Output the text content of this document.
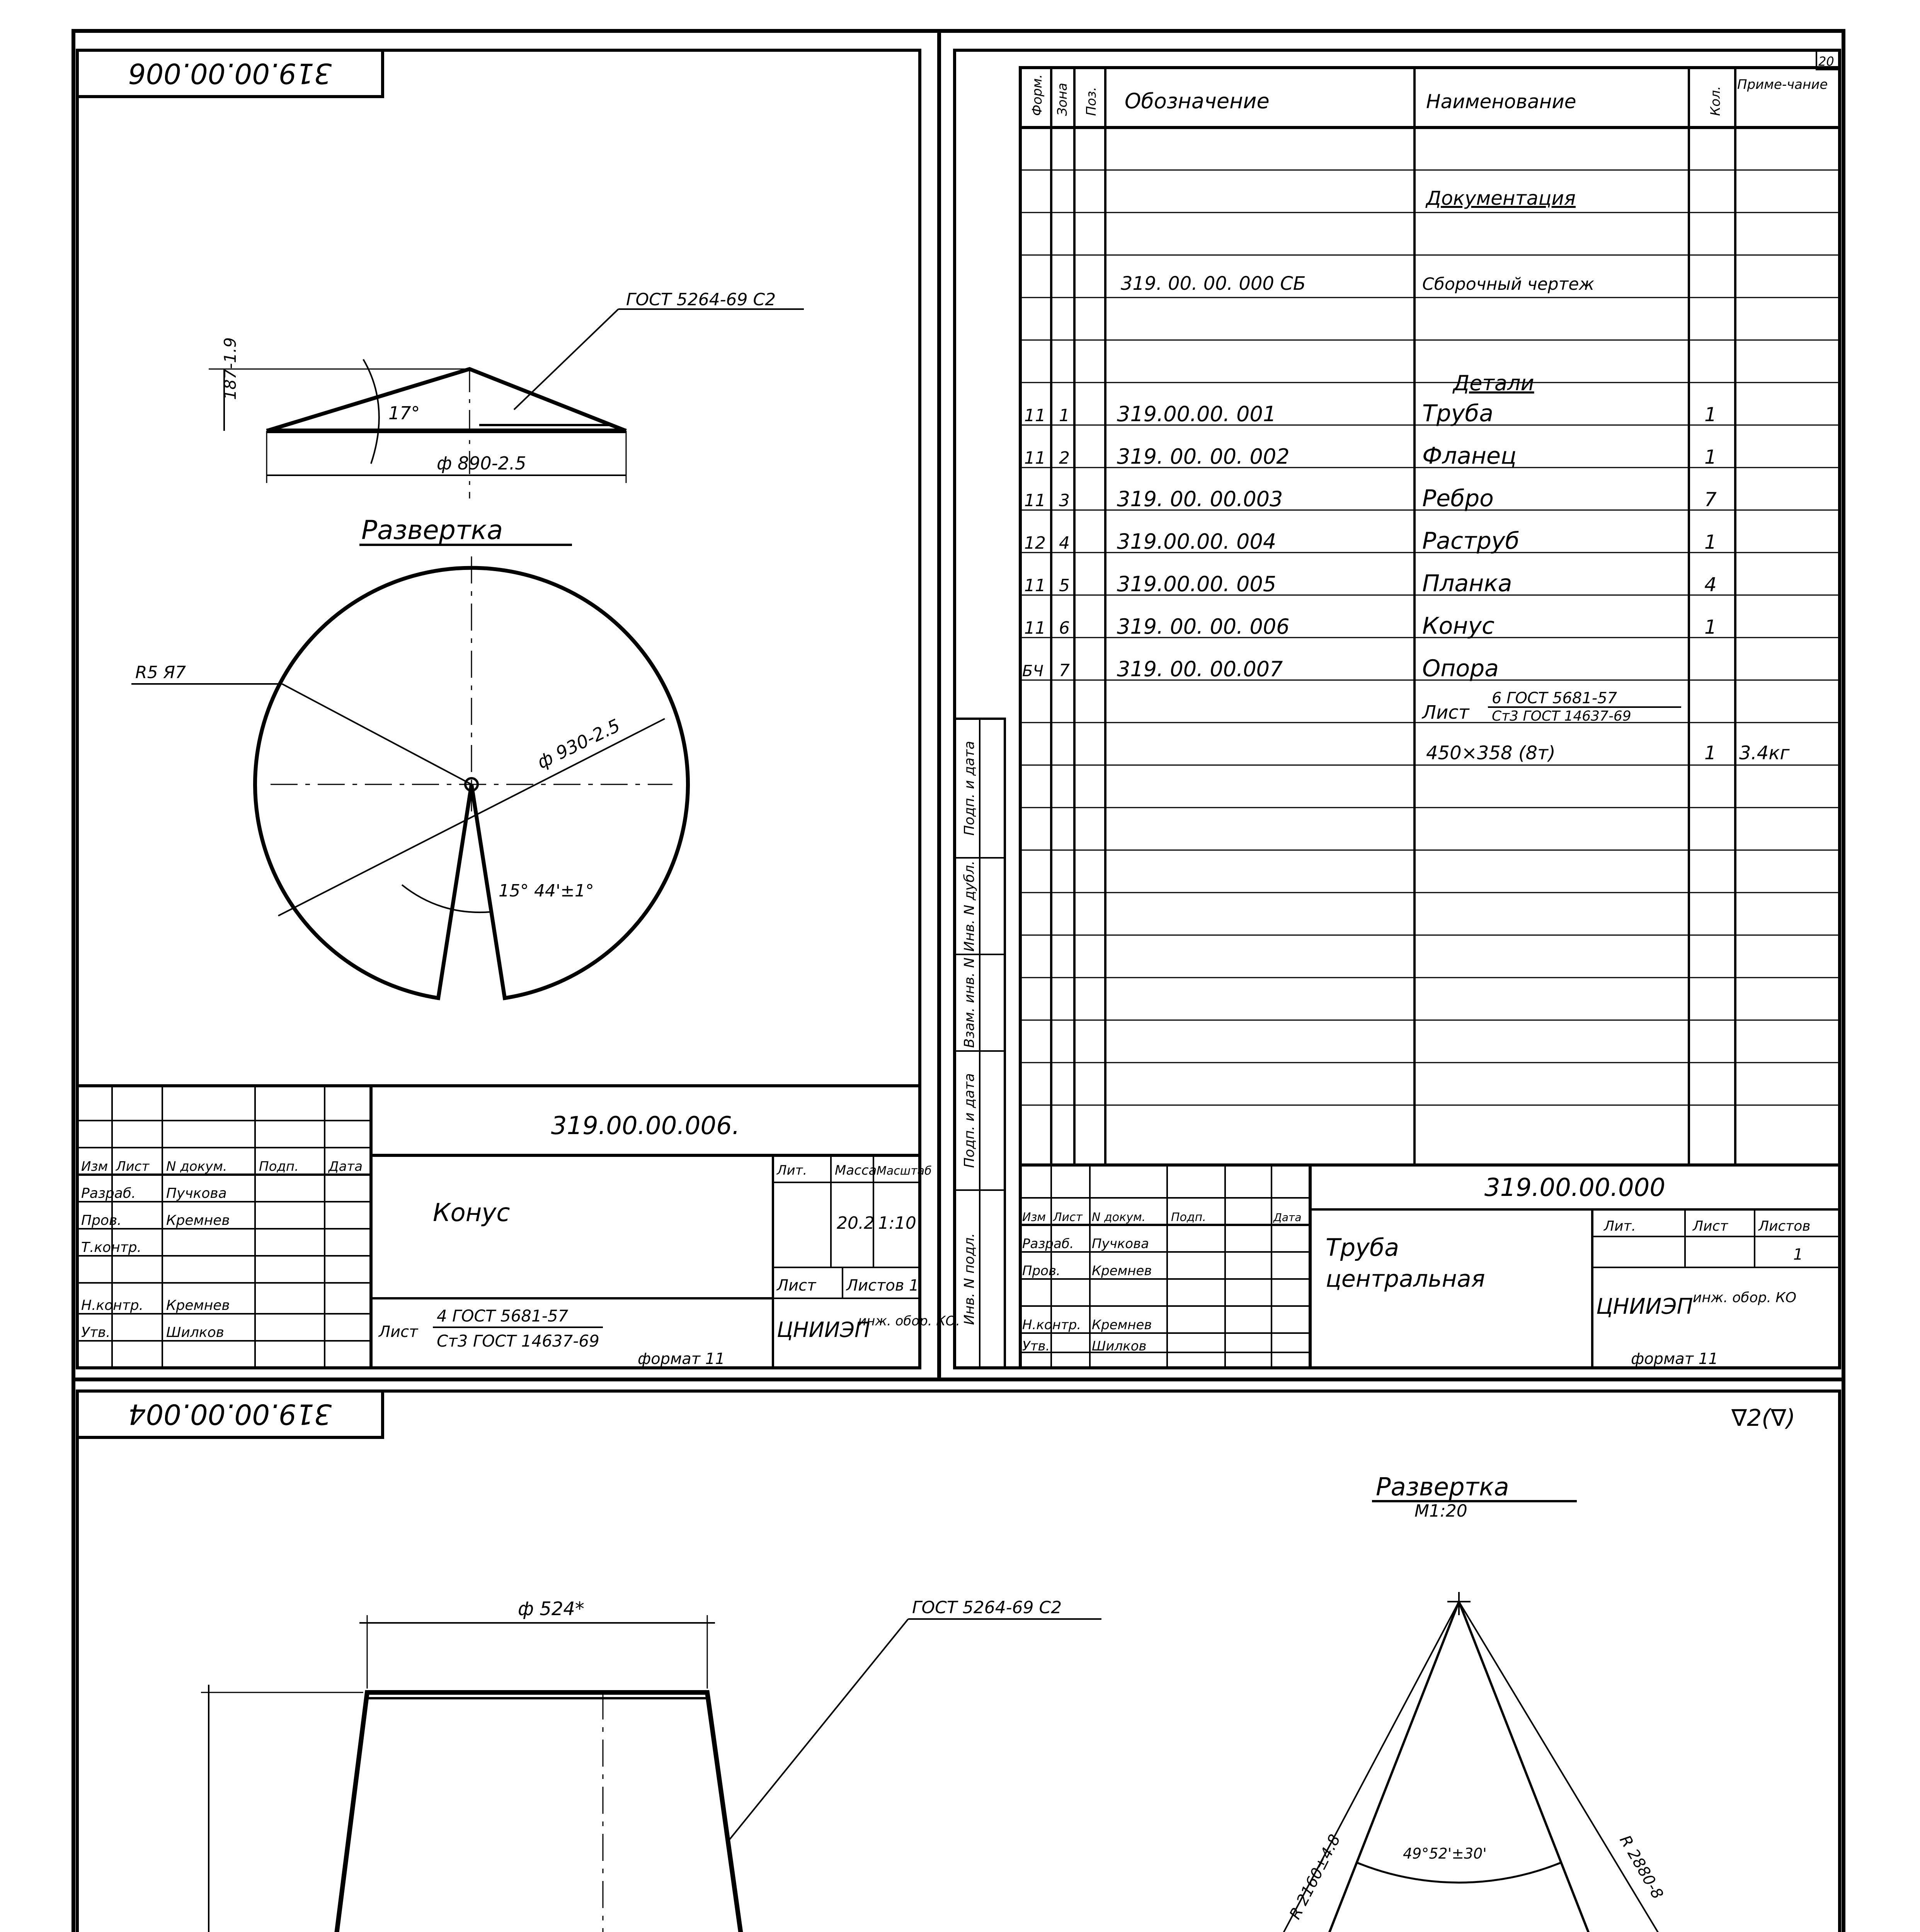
319.00.00.006
ГОСТ 5264-69 С2
187-1.9
17°
ф 890-2.5
Развертка
R5 Я7
ф 930-2.5
15° 44'±1°
Изм Лист N докум. Подп. Дата
Разраб. Пучкова
Пров.	Кремнев
Т.контр.
Н.контр. Кремнев
Утв.	Шилков
319.00.00.006.
Конус
Лит. Масса Масштаб
20.2 1:10
Лист Листов 1
Лист
4 ГОСТ 5681-57
Ст3 ГОСТ 14637-69	ЦНИИЭП
инж. обор. КО.
формат 11
20
Подп. и дата
Инв. N дубл.
Взам. инв. N
Подп. и дата
Инв. N подл.
Форм. Зона Поз. Обозначение	Наименование	Кол.
Приме-чание
Документация
319. 00. 00. 000 СБ	Сборочный чертеж
Детали
11 1 319.00.00. 001	Труба	1
11 2 319. 00. 00. 002	Фланец	1
11 3 319. 00. 00.003	Ребро	7
12 4 319.00.00. 004	Раструб	1
11 5 319.00.00. 005	Планка	4
11 6 319. 00. 00. 006	Конус	1
БЧ 7 319. 00. 00.007	Опора
Лист
6 ГОСТ 5681-57
Ст3 ГОСТ 14637-69
450×358 (8т)	1 3.4кг
Изм Лист N докум. Подп.	Дата
Разраб. Пучкова
Пров. Кремнев
Н.контр. Кремнев
Утв.	Шилков
319.00.00.000
Труба
центральная
Лит.	Лист Листов
1
ЦНИИЭП инж. обор. КО
формат 11
319.00.00.004	∇2(∇)
ГОСТ 5264-69 С2
ф 524*
Развертка
М1:20
R 2160±4.8	R 2880-8
49°52'±30'
